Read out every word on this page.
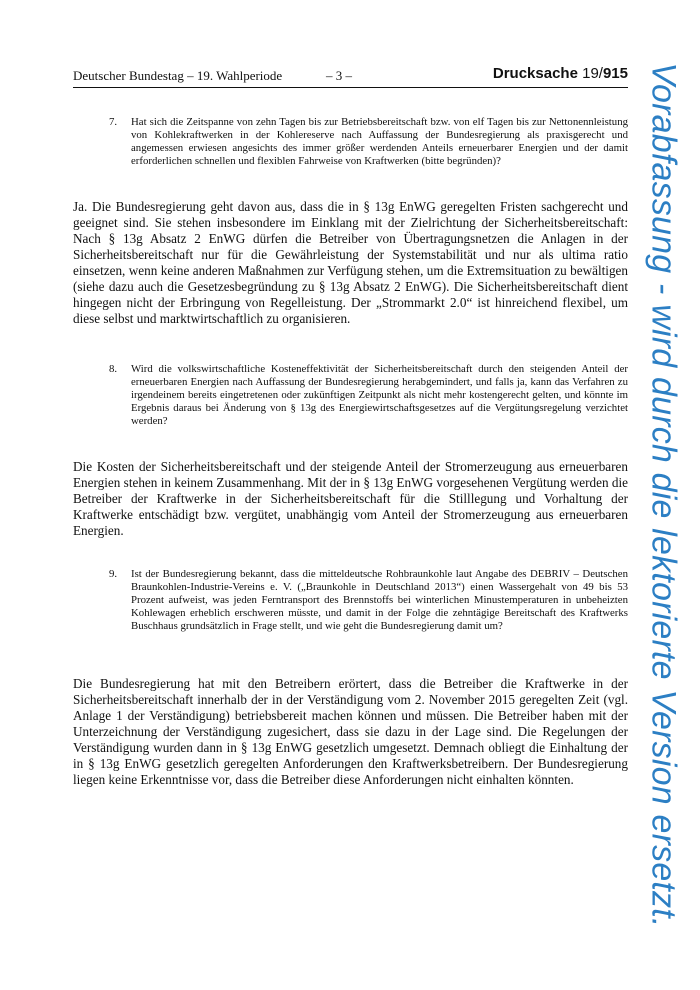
Deutscher Bundestag – 19. Wahlperiode	– 3 –	Drucksache 19/915 Vorabfassung - wird durch die lektorierte Version ersetzt.
7. Hat sich die Zeitspanne von zehn Tagen bis zur Betriebsbereitschaft bzw. von elf Tagen bis zur Nettonennleistung von Kohlekraftwerken in der Kohlereserve nach Auffassung der Bundesregierung als praxisgerecht und angemessen erwiesen angesichts des immer größer werdenden Anteils erneuerbarer Energien und der damit erforderlichen schnellen und flexiblen Fahrweise von Kraftwerken (bitte begründen)?
Ja. Die Bundesregierung geht davon aus, dass die in § 13g EnWG geregelten Fristen sachgerecht und geeignet sind. Sie stehen insbesondere im Einklang mit der Zielrichtung der Sicherheitsbereitschaft: Nach § 13g Absatz 2 EnWG dürfen die Betreiber von Übertragungsnetzen die Anlagen in der Sicherheitsbereitschaft nur für die Gewährleistung der Systemstabilität und nur als ultima ratio einsetzen, wenn keine anderen Maßnahmen zur Verfügung stehen, um die Extremsituation zu bewältigen (siehe dazu auch die Gesetzesbegründung zu § 13g Absatz 2 EnWG). Die Sicherheitsbereitschaft dient hingegen nicht der Erbringung von Regelleistung. Der „Strommarkt 2.0“ ist hinreichend flexibel, um diese selbst und marktwirtschaftlich zu organisieren.
8. Wird die volkswirtschaftliche Kosteneffektivität der Sicherheitsbereitschaft durch den steigenden Anteil der erneuerbaren Energien nach Auffassung der Bundesregierung herabgemindert, und falls ja, kann das Verfahren zu irgendeinem bereits eingetretenen oder zukünftigen Zeitpunkt als nicht mehr kostengerecht gelten, und könnte im Ergebnis daraus bei Änderung von § 13g des Energiewirtschaftsgesetzes auf die Vergütungsregelung verzichtet werden?
Die Kosten der Sicherheitsbereitschaft und der steigende Anteil der Stromerzeugung aus erneuerbaren Energien stehen in keinem Zusammenhang. Mit der in § 13g EnWG vorgesehenen Vergütung werden die Betreiber der Kraftwerke in der Sicherheitsbereitschaft für die Stilllegung und Vorhaltung der Kraftwerke entschädigt bzw. vergütet, unabhängig vom Anteil der Stromerzeugung aus erneuerbaren Energien.
9. Ist der Bundesregierung bekannt, dass die mitteldeutsche Rohbraunkohle laut Angabe des DEBRIV – Deutschen Braunkohlen-Industrie-Vereins e. V. („Braunkohle in Deutschland 2013“) einen Wassergehalt von 49 bis 53 Prozent aufweist, was jeden Ferntransport des Brennstoffs bei winterlichen Minustemperaturen in unbeheizten Kohlewagen erheblich erschweren müsste, und damit in der Folge die zehntägige Bereitschaft des Kraftwerks Buschhaus grundsätzlich in Frage stellt, und wie geht die Bundesregierung damit um?
Die Bundesregierung hat mit den Betreibern erörtert, dass die Betreiber die Kraftwerke in der Sicherheitsbereitschaft innerhalb der in der Verständigung vom 2. November 2015 geregelten Zeit (vgl. Anlage 1 der Verständigung) betriebsbereit machen können und müssen. Die Betreiber haben mit der Unterzeichnung der Verständigung zugesichert, dass sie dazu in der Lage sind. Die Regelungen der Verständigung wurden dann in § 13g EnWG gesetzlich umgesetzt. Demnach obliegt die Einhaltung der in § 13g EnWG gesetzlich geregelten Anforderungen den Kraftwerksbetreibern. Der Bundesregierung liegen keine Erkenntnisse vor, dass die Betreiber diese Anforderungen nicht einhalten könnten.
